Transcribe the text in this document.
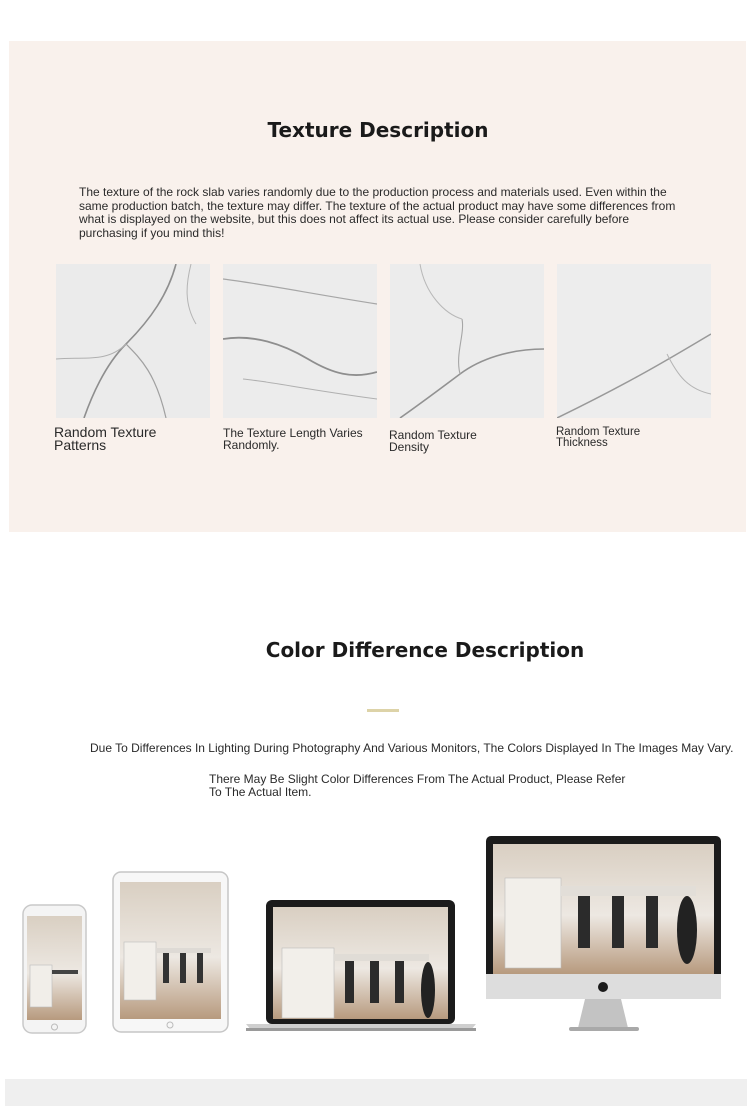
Texture Description
The texture of the rock slab varies randomly due to the production process and materials used. Even within the same production batch, the texture may differ. The texture of the actual product may have some differences from what is displayed on the website, but this does not affect its actual use. Please consider carefully before purchasing if you mind this!
Random Texture Patterns
The Texture Length Varies Randomly.
Random Texture Density
Random Texture Thickness
Color Difference Description
Due To Differences In Lighting During Photography And Various Monitors, The Colors Displayed In The Images May Vary.
There May Be Slight Color Differences From The Actual Product, Please Refer To The Actual Item.
